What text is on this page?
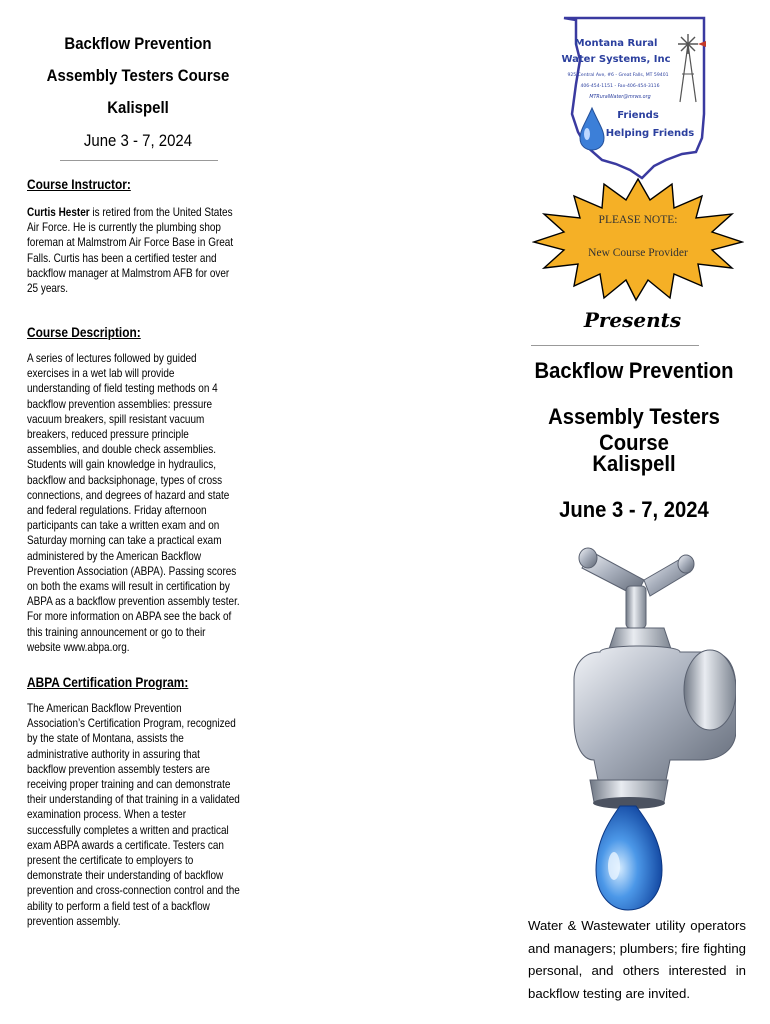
Backflow Prevention
Assembly Testers Course
Kalispell
June 3 - 7, 2024
Course Instructor:
Curtis Hester is retired from the United States Air Force. He is currently the plumbing shop foreman at Malmstrom Air Force Base in Great Falls. Curtis has been a certified tester and backflow manager at Malmstrom AFB for over 25 years.
Course Description:
A series of lectures followed by guided exercises in a wet lab will provide understanding of field testing methods on 4 backflow prevention assemblies: pressure vacuum breakers, spill resistant vacuum breakers, reduced pressure principle assemblies, and double check assemblies. Students will gain knowledge in hydraulics, backflow and backsiphonage, types of cross connections, and degrees of hazard and state and federal regulations. Friday afternoon participants can take a written exam and on Saturday morning can take a practical exam administered by the American Backflow Prevention Association (ABPA). Passing scores on both the exams will result in certification by ABPA as a backflow prevention assembly tester. For more information on ABPA see the back of this training announcement or go to their website www.abpa.org.
ABPA Certification Program:
The American Backflow Prevention Association’s Certification Program, recognized by the state of Montana, assists the administrative authority in assuring that backflow prevention assembly testers are receiving proper training and can demonstrate their understanding of that training in a validated examination process. When a tester successfully completes a written and practical exam ABPA awards a certificate. Testers can present the certificate to employers to demonstrate their understanding of backflow prevention and cross-connection control and the ability to perform a field test of a backflow prevention assembly.
Montana Rural
Water Systems, Inc
925 Central Ave, #6 - Great Falls, MT 59401
406-454-1151 - Fax-406-454-3116
MTRuralWater@mrws.org
Friends
Helping Friends
PLEASE NOTE:
New Course Provider
Presents
Backflow Prevention
Assembly Testers Course
Kalispell
June 3 - 7, 2024
Water & Wastewater utility operators and managers; plumbers; fire fighting personal, and others interested in backflow testing are invited.
